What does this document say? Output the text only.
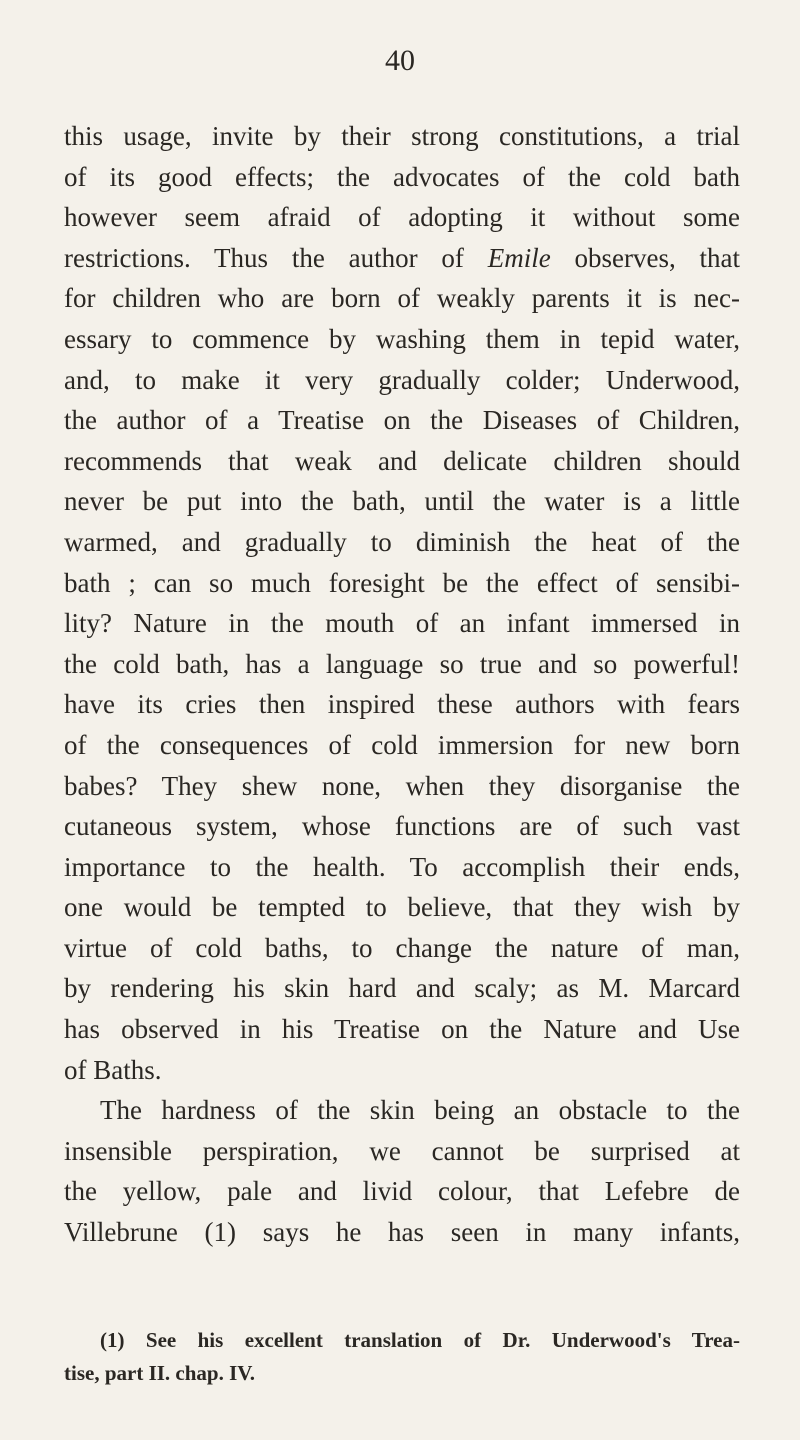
40
this usage, invite by their strong constitutions, a trial
of its good effects; the advocates of the cold bath
however seem afraid of adopting it without some
restrictions. Thus the author of Emile observes, that
for children who are born of weakly parents it is nec-
essary to commence by washing them in tepid water,
and, to make it very gradually colder; Underwood,
the author of a Treatise on the Diseases of Children,
recommends that weak and delicate children should
never be put into the bath, until the water is a little
warmed, and gradually to diminish the heat of the
bath ; can so much foresight be the effect of sensibi-
lity? Nature in the mouth of an infant immersed in
the cold bath, has a language so true and so powerful!
have its cries then inspired these authors with fears
of the consequences of cold immersion for new born
babes? They shew none, when they disorganise the
cutaneous system, whose functions are of such vast
importance to the health. To accomplish their ends,
one would be tempted to believe, that they wish by
virtue of cold baths, to change the nature of man,
by rendering his skin hard and scaly; as M. Marcard
has observed in his Treatise on the Nature and Use
of Baths.
The hardness of the skin being an obstacle to the
insensible perspiration, we cannot be surprised at
the yellow, pale and livid colour, that Lefebre de
Villebrune (1) says he has seen in many infants,
(1) See his excellent translation of Dr. Underwood's Trea-
tise, part II. chap. IV.
